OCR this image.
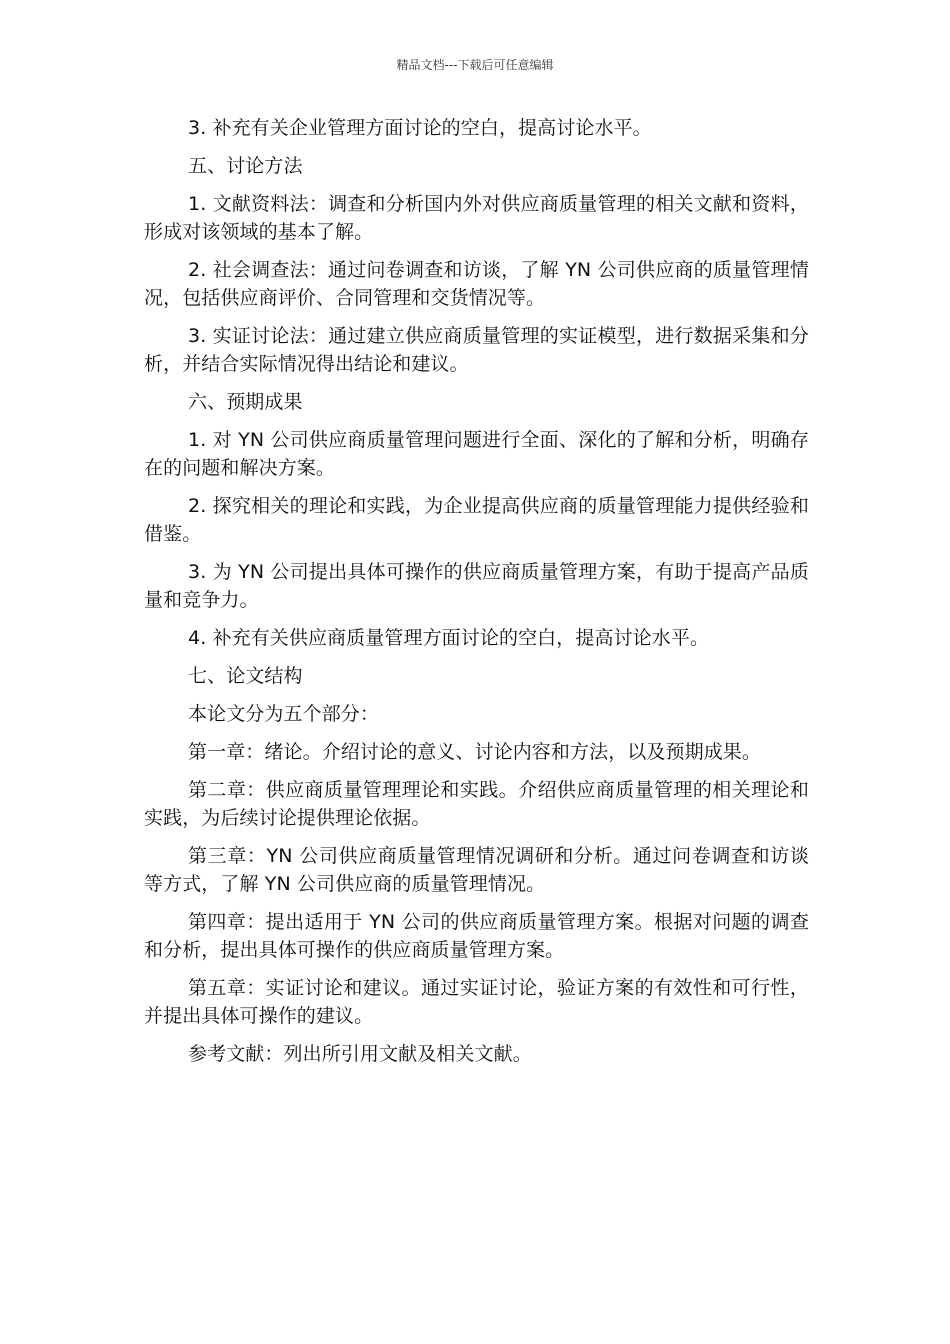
精品文档---下载后可任意编辑

3. 补充有关企业管理方面讨论的空白，提高讨论水平。

五、讨论方法

1. 文献资料法：调查和分析国内外对供应商质量管理的相关文献和资料，形成对该领域的基本了解。

2. 社会调查法：通过问卷调查和访谈，了解 YN 公司供应商的质量管理情况，包括供应商评价、合同管理和交货情况等。

3. 实证讨论法：通过建立供应商质量管理的实证模型，进行数据采集和分析，并结合实际情况得出结论和建议。

六、预期成果

1. 对 YN 公司供应商质量管理问题进行全面、深化的了解和分析，明确存在的问题和解决方案。

2. 探究相关的理论和实践，为企业提高供应商的质量管理能力提供经验和借鉴。

3. 为 YN 公司提出具体可操作的供应商质量管理方案，有助于提高产品质量和竞争力。

4. 补充有关供应商质量管理方面讨论的空白，提高讨论水平。

七、论文结构

本论文分为五个部分：

第一章：绪论。介绍讨论的意义、讨论内容和方法，以及预期成果。

第二章：供应商质量管理理论和实践。介绍供应商质量管理的相关理论和实践，为后续讨论提供理论依据。

第三章：YN 公司供应商质量管理情况调研和分析。通过问卷调查和访谈等方式，了解 YN 公司供应商的质量管理情况。

第四章：提出适用于 YN 公司的供应商质量管理方案。根据对问题的调查和分析，提出具体可操作的供应商质量管理方案。

第五章：实证讨论和建议。通过实证讨论，验证方案的有效性和可行性，并提出具体可操作的建议。

参考文献：列出所引用文献及相关文献。
